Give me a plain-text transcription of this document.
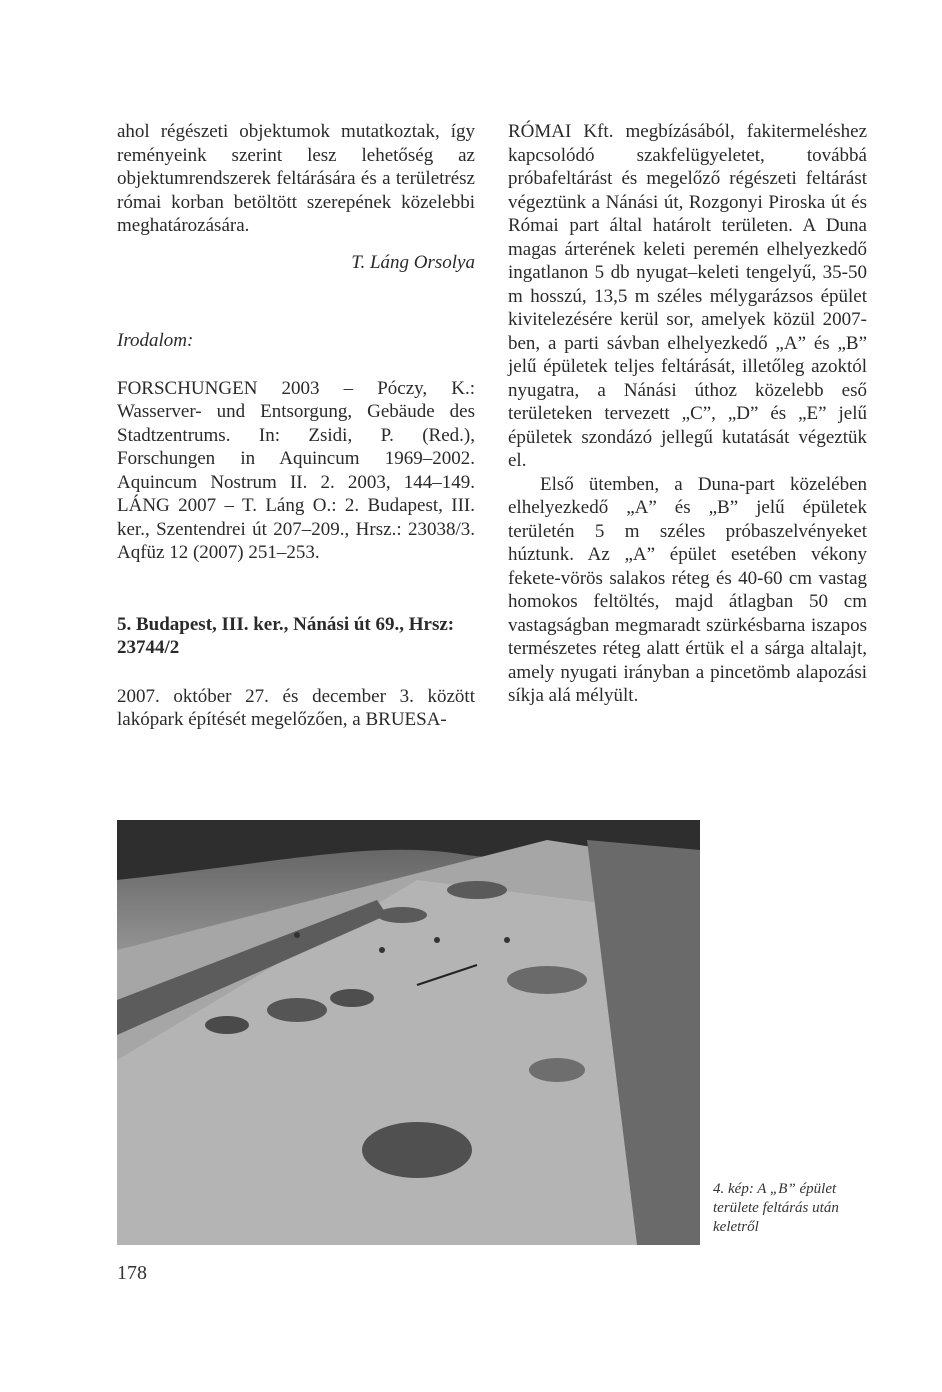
ahol régészeti objektumok mutatkoztak, így reményeink szerint lesz lehetőség az objektumrendszerek feltárására és a területrész római korban betöltött szerepének közelebbi meghatározására.

T. Láng Orsolya

Irodalom:

FORSCHUNGEN 2003 – Póczy, K.: Wasserver- und Entsorgung, Gebäude des Stadtzentrums. In: Zsidi, P. (Red.), Forschungen in Aquincum 1969–2002. Aquincum Nostrum II. 2. 2003, 144–149. LÁNG 2007 – T. Láng O.: 2. Budapest, III. ker., Szentendrei út 207–209., Hrsz.: 23038/3. Aqfüz 12 (2007) 251–253.

5. Budapest, III. ker., Nánási út 69., Hrsz: 23744/2

2007. október 27. és december 3. között lakópark építését megelőzően, a BRUESA-

RÓMAI Kft. megbízásából, fakitermeléshez kapcsolódó szakfelügyeletet, továbbá próbafeltárást és megelőző régészeti feltárást végeztünk a Nánási út, Rozgonyi Piroska út és Római part által határolt területen. A Duna magas árterének keleti peremén elhelyezkedő ingatlanon 5 db nyugat–keleti tengelyű, 35-50 m hosszú, 13,5 m széles mélygarázsos épület kivitelezésére kerül sor, amelyek közül 2007-ben, a parti sávban elhelyezkedő „A” és „B” jelű épületek teljes feltárását, illetőleg azoktól nyugatra, a Nánási úthoz közelebb eső területeken tervezett „C”, „D” és „E” jelű épületek szondázó jellegű kutatását végeztük el.

Első ütemben, a Duna-part közelében elhelyezkedő „A” és „B” jelű épületek területén 5 m széles próbaszelvényeket húztunk. Az „A” épület esetében vékony fekete-vörös salakos réteg és 40-60 cm vastag homokos feltöltés, majd átlagban 50 cm vastagságban megmaradt szürkésbarna iszapos természetes réteg alatt értük el a sárga altalajt, amely nyugati irányban a pincetömb alapozási síkja alá mélyült.

4. kép: A „B” épület területe feltárás után keletről
178
